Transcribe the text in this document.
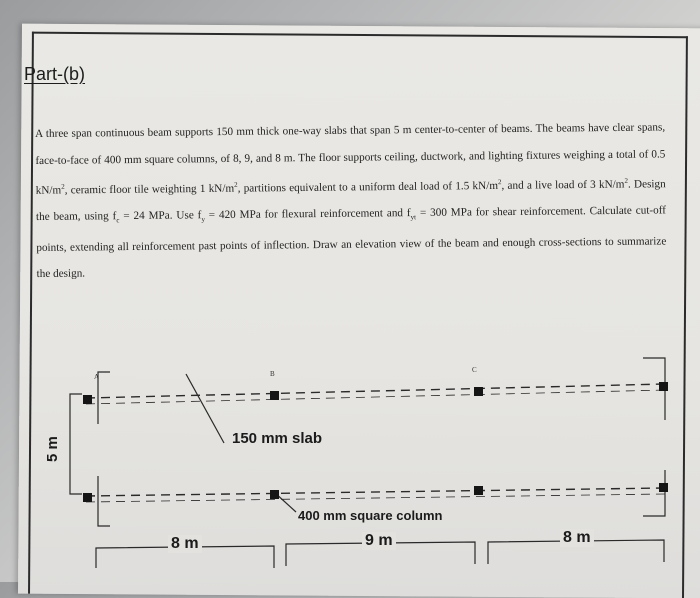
Part-(b)
A three span continuous beam supports 150 mm thick one-way slabs that span 5 m center-to-center of beams. The beams have clear spans, face-to-face of 400 mm square columns, of 8, 9, and 8 m. The floor supports ceiling, ductwork, and lighting fixtures weighing a total of 0.5 $kN/m^2$, ceramic floor tile weighting 1 $kN/m^2$, partitions equivalent to a uniform deal load of 1.5 $kN/m^2$, and a live load of 3 $kN/m^2$. Design the beam, using $f_c = 24$ MPa. Use $f_y = 420$ MPa for flexural reinforcement and $f_{yt} = 300$ MPa for shear reinforcement. Calculate cut-off points, extending all reinforcement past points of inflection. Draw an elevation view of the beam and enough cross-sections to summarize the design.
A	B	C
150 mm slab
400 mm square column
5 m
8 m	9 m	8 m
